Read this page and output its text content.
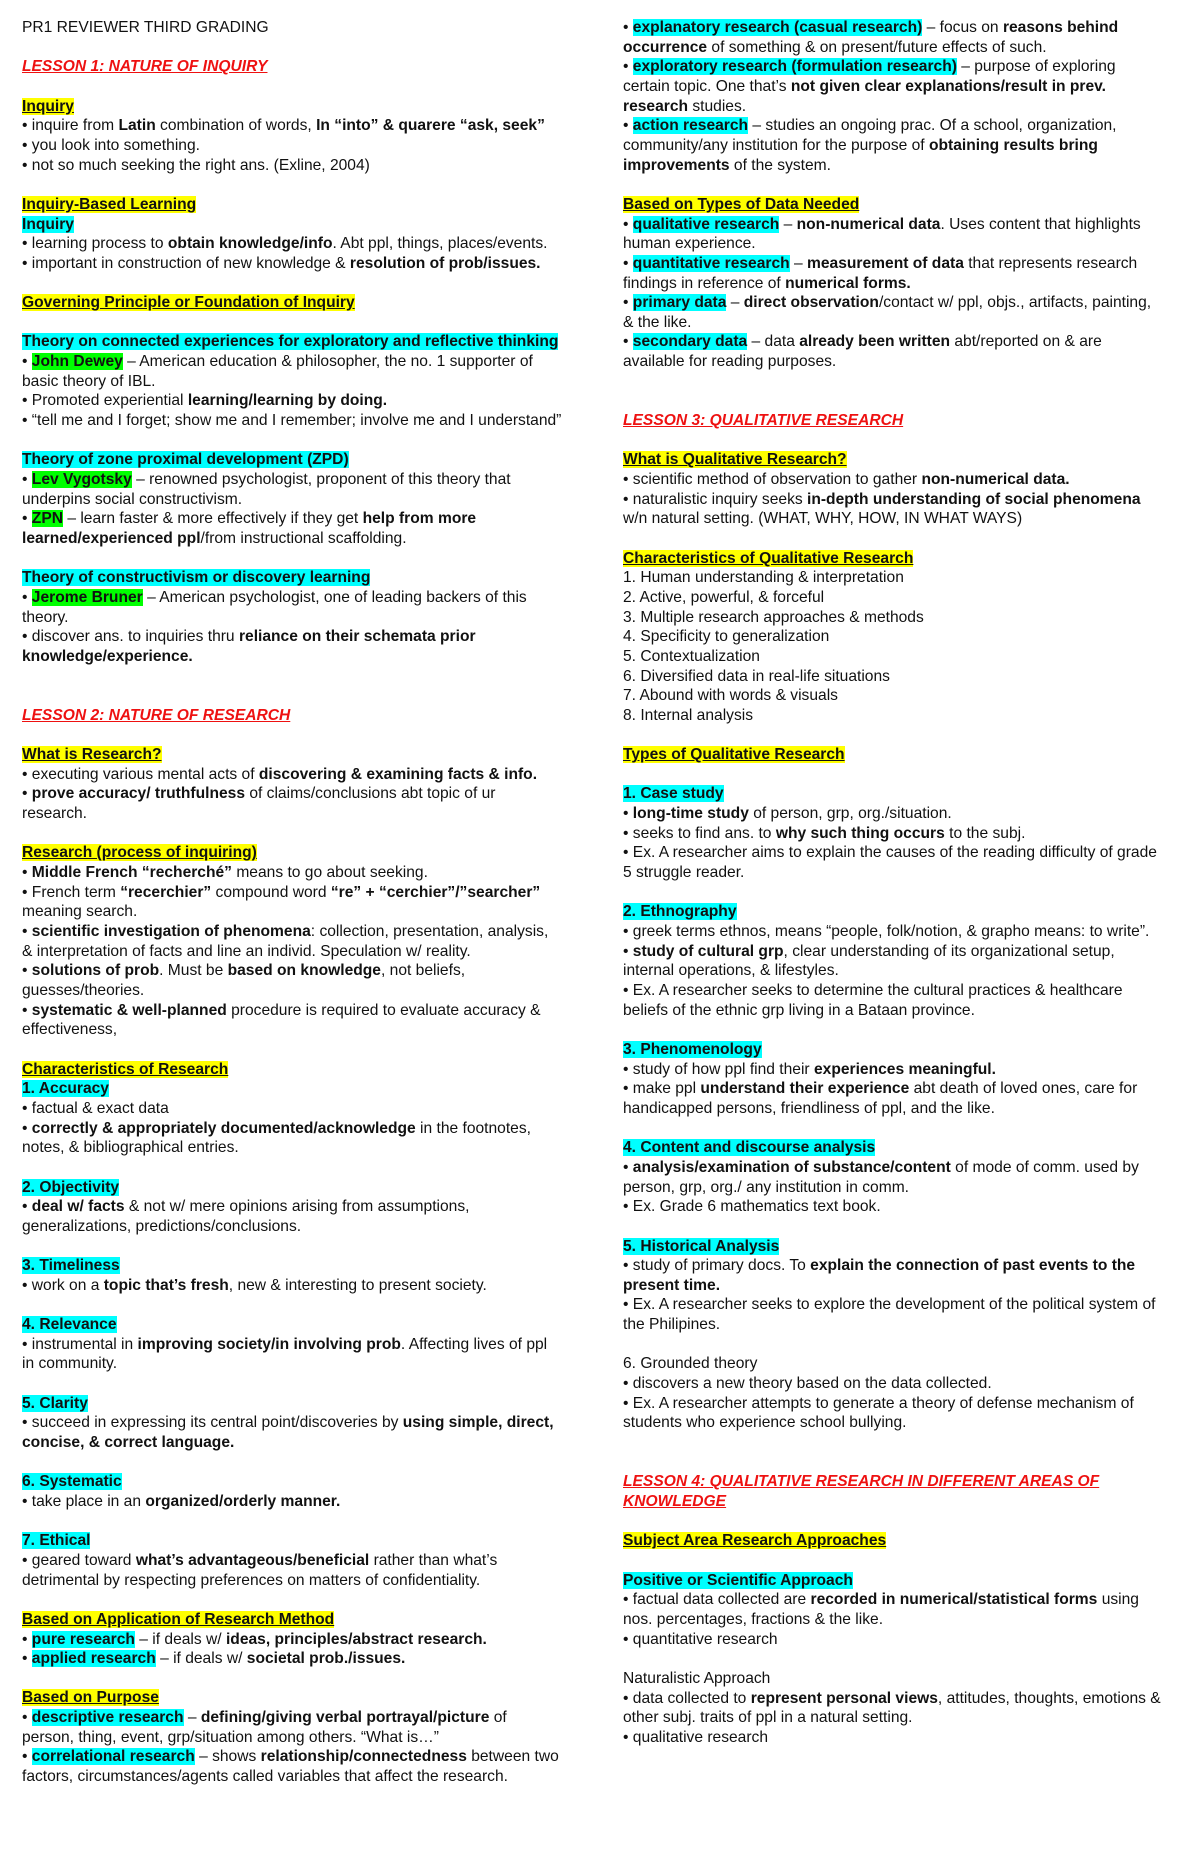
PR1 REVIEWER THIRD GRADING
LESSON 1: NATURE OF INQUIRY
Inquiry
• inquire from Latin combination of words, In “into” & quarere “ask, seek”
• you look into something.
• not so much seeking the right ans. (Exline, 2004)
Inquiry-Based Learning
Inquiry
• learning process to obtain knowledge/info. Abt ppl, things, places/events.
• important in construction of new knowledge & resolution of prob/issues.
Governing Principle or Foundation of Inquiry
Theory on connected experiences for exploratory and reflective thinking
• John Dewey – American education & philosopher, the no. 1 supporter of
basic theory of IBL.
• Promoted experiential learning/learning by doing.
• “tell me and I forget; show me and I remember; involve me and I understand”
Theory of zone proximal development (ZPD)
• Lev Vygotsky – renowned psychologist, proponent of this theory that
underpins social constructivism.
• ZPN – learn faster & more effectively if they get help from more
learned/experienced ppl/from instructional scaffolding.
Theory of constructivism or discovery learning
• Jerome Bruner – American psychologist, one of leading backers of this
theory.
• discover ans. to inquiries thru reliance on their schemata prior
knowledge/experience.
LESSON 2: NATURE OF RESEARCH
What is Research?
• executing various mental acts of discovering & examining facts & info.
• prove accuracy/ truthfulness of claims/conclusions abt topic of ur
research.
Research (process of inquiring)
• Middle French “recherché” means to go about seeking.
• French term “recerchier” compound word “re” + “cerchier”/”searcher”
meaning search.
• scientific investigation of phenomena: collection, presentation, analysis,
& interpretation of facts and line an individ. Speculation w/ reality.
• solutions of prob. Must be based on knowledge, not beliefs,
guesses/theories.
• systematic & well-planned procedure is required to evaluate accuracy &
effectiveness,
Characteristics of Research
1. Accuracy
• factual & exact data
• correctly & appropriately documented/acknowledge in the footnotes,
notes, & bibliographical entries.
2. Objectivity
• deal w/ facts & not w/ mere opinions arising from assumptions,
generalizations, predictions/conclusions.
3. Timeliness
• work on a topic that’s fresh, new & interesting to present society.
4. Relevance
• instrumental in improving society/in involving prob. Affecting lives of ppl
in community.
5. Clarity
• succeed in expressing its central point/discoveries by using simple, direct,
concise, & correct language.
6. Systematic
• take place in an organized/orderly manner.
7. Ethical
• geared toward what’s advantageous/beneficial rather than what’s
detrimental by respecting preferences on matters of confidentiality.
Based on Application of Research Method
• pure research – if deals w/ ideas, principles/abstract research.
• applied research – if deals w/ societal prob./issues.
Based on Purpose
• descriptive research – defining/giving verbal portrayal/picture of
person, thing, event, grp/situation among others. “What is…”
• correlational research – shows relationship/connectedness between two
factors, circumstances/agents called variables that affect the research.
• explanatory research (casual research) – focus on reasons behind
occurrence of something & on present/future effects of such.
• exploratory research (formulation research) – purpose of exploring
certain topic. One that’s not given clear explanations/result in prev.
research studies.
• action research – studies an ongoing prac. Of a school, organization,
community/any institution for the purpose of obtaining results bring
improvements of the system.
Based on Types of Data Needed
• qualitative research – non-numerical data. Uses content that highlights
human experience.
• quantitative research – measurement of data that represents research
findings in reference of numerical forms.
• primary data – direct observation/contact w/ ppl, objs., artifacts, painting,
& the like.
• secondary data – data already been written abt/reported on & are
available for reading purposes.
LESSON 3: QUALITATIVE RESEARCH
What is Qualitative Research?
• scientific method of observation to gather non-numerical data.
• naturalistic inquiry seeks in-depth understanding of social phenomena
w/n natural setting. (WHAT, WHY, HOW, IN WHAT WAYS)
Characteristics of Qualitative Research
1. Human understanding & interpretation
2. Active, powerful, & forceful
3. Multiple research approaches & methods
4. Specificity to generalization
5. Contextualization
6. Diversified data in real-life situations
7. Abound with words & visuals
8. Internal analysis
Types of Qualitative Research
1. Case study
• long-time study of person, grp, org./situation.
• seeks to find ans. to why such thing occurs to the subj.
• Ex. A researcher aims to explain the causes of the reading difficulty of grade
5 struggle reader.
2. Ethnography
• greek terms ethnos, means “people, folk/notion, & grapho means: to write”.
• study of cultural grp, clear understanding of its organizational setup,
internal operations, & lifestyles.
• Ex. A researcher seeks to determine the cultural practices & healthcare
beliefs of the ethnic grp living in a Bataan province.
3. Phenomenology
• study of how ppl find their experiences meaningful.
• make ppl understand their experience abt death of loved ones, care for
handicapped persons, friendliness of ppl, and the like.
4. Content and discourse analysis
• analysis/examination of substance/content of mode of comm. used by
person, grp, org./ any institution in comm.
• Ex. Grade 6 mathematics text book.
5. Historical Analysis
• study of primary docs. To explain the connection of past events to the
present time.
• Ex. A researcher seeks to explore the development of the political system of
the Philipines.
6. Grounded theory
• discovers a new theory based on the data collected.
• Ex. A researcher attempts to generate a theory of defense mechanism of
students who experience school bullying.
LESSON 4: QUALITATIVE RESEARCH IN DIFFERENT AREAS OF
KNOWLEDGE
Subject Area Research Approaches
Positive or Scientific Approach
• factual data collected are recorded in numerical/statistical forms using
nos. percentages, fractions & the like.
• quantitative research
Naturalistic Approach
• data collected to represent personal views, attitudes, thoughts, emotions &
other subj. traits of ppl in a natural setting.
• qualitative research
